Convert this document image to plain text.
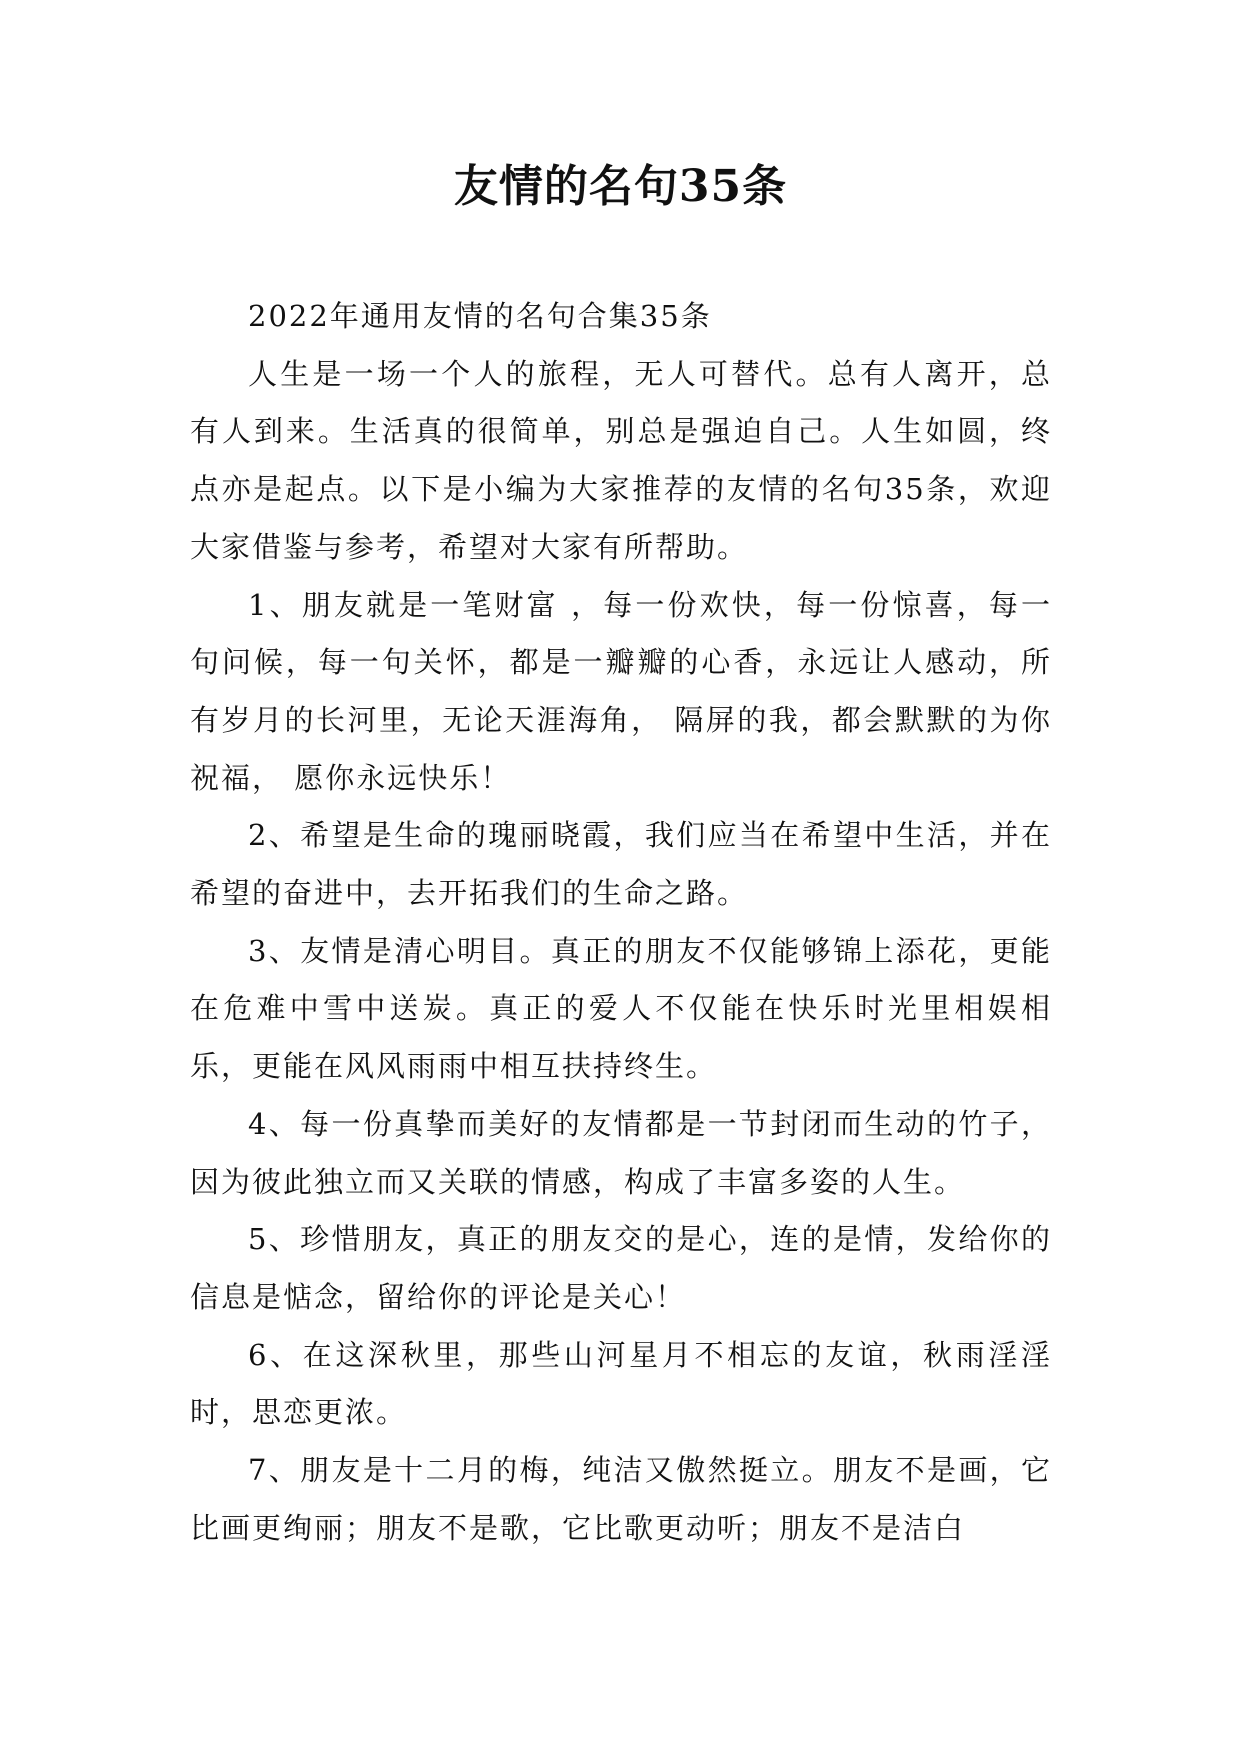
友情的名句35条

2022年通用友情的名句合集35条

人生是一场一个人的旅程，无人可替代。总有人离开，总有人到来。生活真的很简单，别总是强迫自己。人生如圆，终点亦是起点。以下是小编为大家推荐的友情的名句35条，欢迎大家借鉴与参考，希望对大家有所帮助。

1、朋友就是一笔财富 ，每一份欢快，每一份惊喜，每一句问候，每一句关怀，都是一瓣瓣的心香，永远让人感动，所有岁月的长河里，无论天涯海角， 隔屏的我，都会默默的为你祝福， 愿你永远快乐！

2、希望是生命的瑰丽晓霞，我们应当在希望中生活，并在希望的奋进中，去开拓我们的生命之路。

3、友情是清心明目。真正的朋友不仅能够锦上添花，更能在危难中雪中送炭。真正的爱人不仅能在快乐时光里相娱相乐，更能在风风雨雨中相互扶持终生。

4、每一份真挚而美好的友情都是一节封闭而生动的竹子，因为彼此独立而又关联的情感，构成了丰富多姿的人生。

5、珍惜朋友，真正的朋友交的是心，连的是情，发给你的信息是惦念，留给你的评论是关心！

6、在这深秋里，那些山河星月不相忘的友谊，秋雨淫淫时，思恋更浓。

7、朋友是十二月的梅，纯洁又傲然挺立。朋友不是画，它比画更绚丽；朋友不是歌，它比歌更动听；朋友不是洁白
